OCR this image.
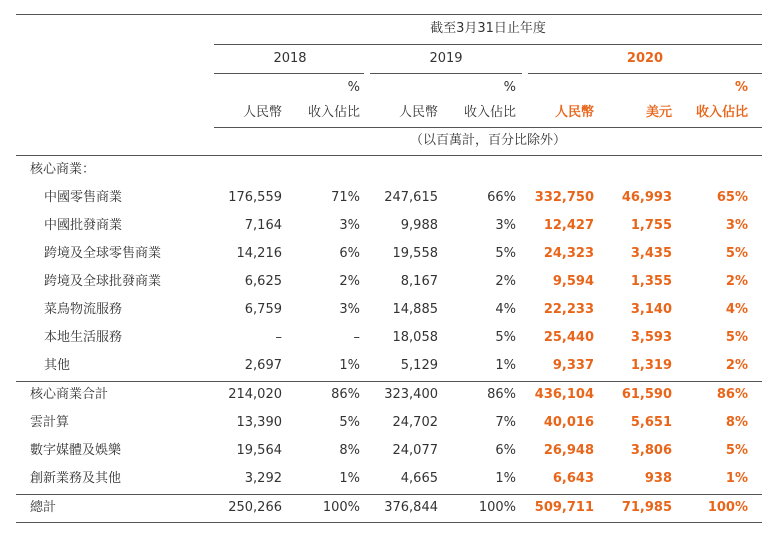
截至3月31日止年度
2018	2019	2020
%	%	%
人民幣	收入佔比	人民幣	收入佔比	人民幣	美元	收入佔比
（以百萬計，百分比除外）
核心商業：
中國零售商業	176,559	71%	247,615	66%	332,750	46,993	65%
中國批發商業	7,164	3%	9,988	3%	12,427	1,755	3%
跨境及全球零售商業	14,216	6%	19,558	5%	24,323	3,435	5%
跨境及全球批發商業	6,625	2%	8,167	2%	9,594	1,355	2%
菜鳥物流服務	6,759	3%	14,885	4%	22,233	3,140	4%
本地生活服務	–	–	18,058	5%	25,440	3,593	5%
其他	2,697	1%	5,129	1%	9,337	1,319	2%
核心商業合計	214,020	86%	323,400	86%	436,104	61,590	86%
雲計算	13,390	5%	24,702	7%	40,016	5,651	8%
數字媒體及娛樂	19,564	8%	24,077	6%	26,948	3,806	5%
創新業務及其他	3,292	1%	4,665	1%	6,643	938	1%
總計	250,266	100%	376,844	100%	509,711	71,985	100%
